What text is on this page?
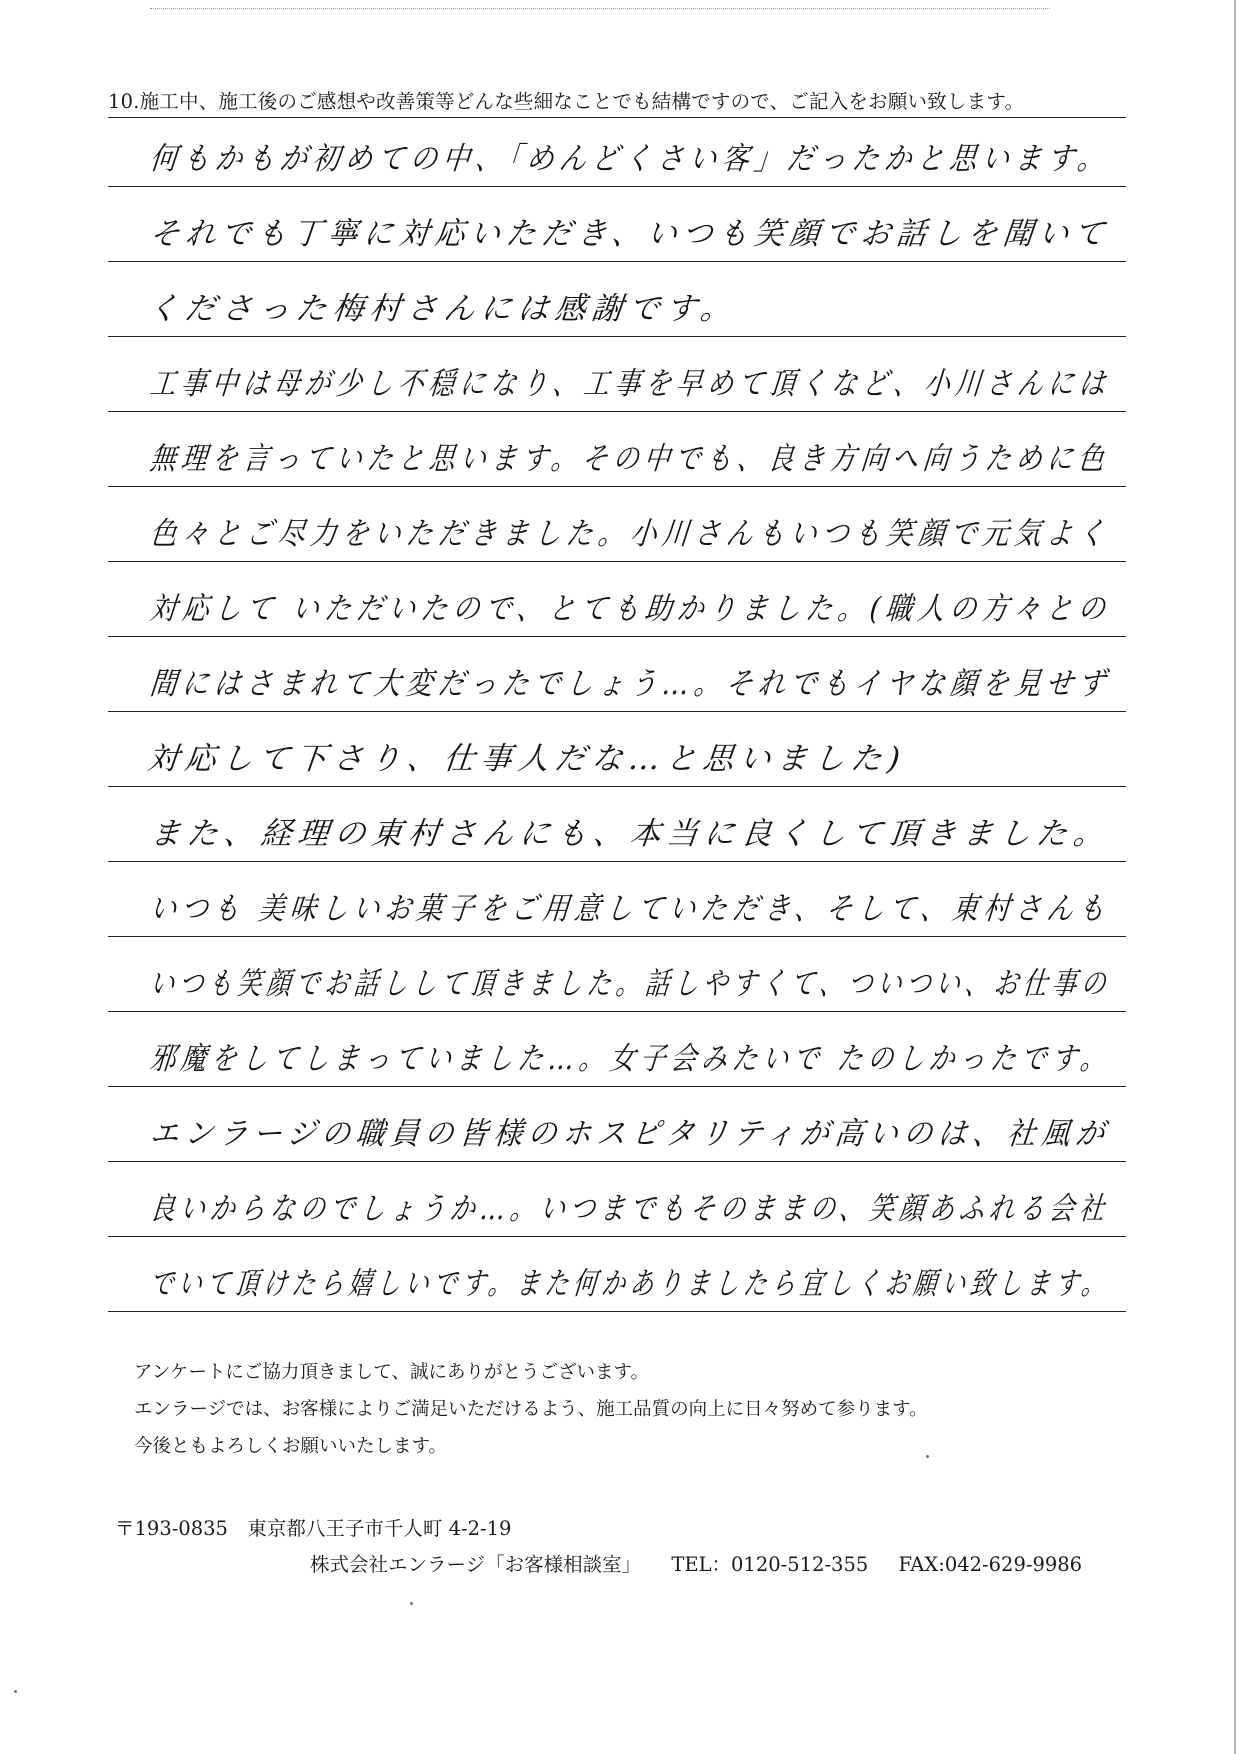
10.施工中、施工後のご感想や改善策等どんな些細なことでも結構ですので、ご記入をお願い致します。
何もかもが初めての中、「めんどくさい客」だったかと思います。
それでも丁寧に対応いただき、いつも笑顔でお話しを聞いて
くださった梅村さんには感謝です。
工事中は母が少し不穏になり、工事を早めて頂くなど、小川さんには
無理を言っていたと思います。その中でも、良き方向へ向うために色
色々とご尽力をいただきました。小川さんもいつも笑顔で元気よく
対応して いただいたので、とても助かりました。(職人の方々との
間にはさまれて大変だったでしょう…。それでもイヤな顔を見せず
対応して下さり、仕事人だな…と思いました)
また、経理の東村さんにも、本当に良くして頂きました。
いつも 美味しいお菓子をご用意していただき、そして、東村さんも
いつも笑顔でお話しして頂きました。話しやすくて、ついつい、お仕事の
邪魔をしてしまっていました…。女子会みたいで たのしかったです。
エンラージの職員の皆様のホスピタリティが高いのは、社風が
良いからなのでしょうか…。いつまでもそのままの、笑顔あふれる会社
でいて頂けたら嬉しいです。また何かありましたら宜しくお願い致します。
アンケートにご協力頂きまして、誠にありがとうございます。
エンラージでは、お客様によりご満足いただけるよう、施工品質の向上に日々努めて参ります。
今後ともよろしくお願いいたします。
〒193-0835　東京都八王子市千人町 4-2-19
株式会社エンラージ「お客様相談室」 TEL：0120-512-355 FAX:042-629-9986
